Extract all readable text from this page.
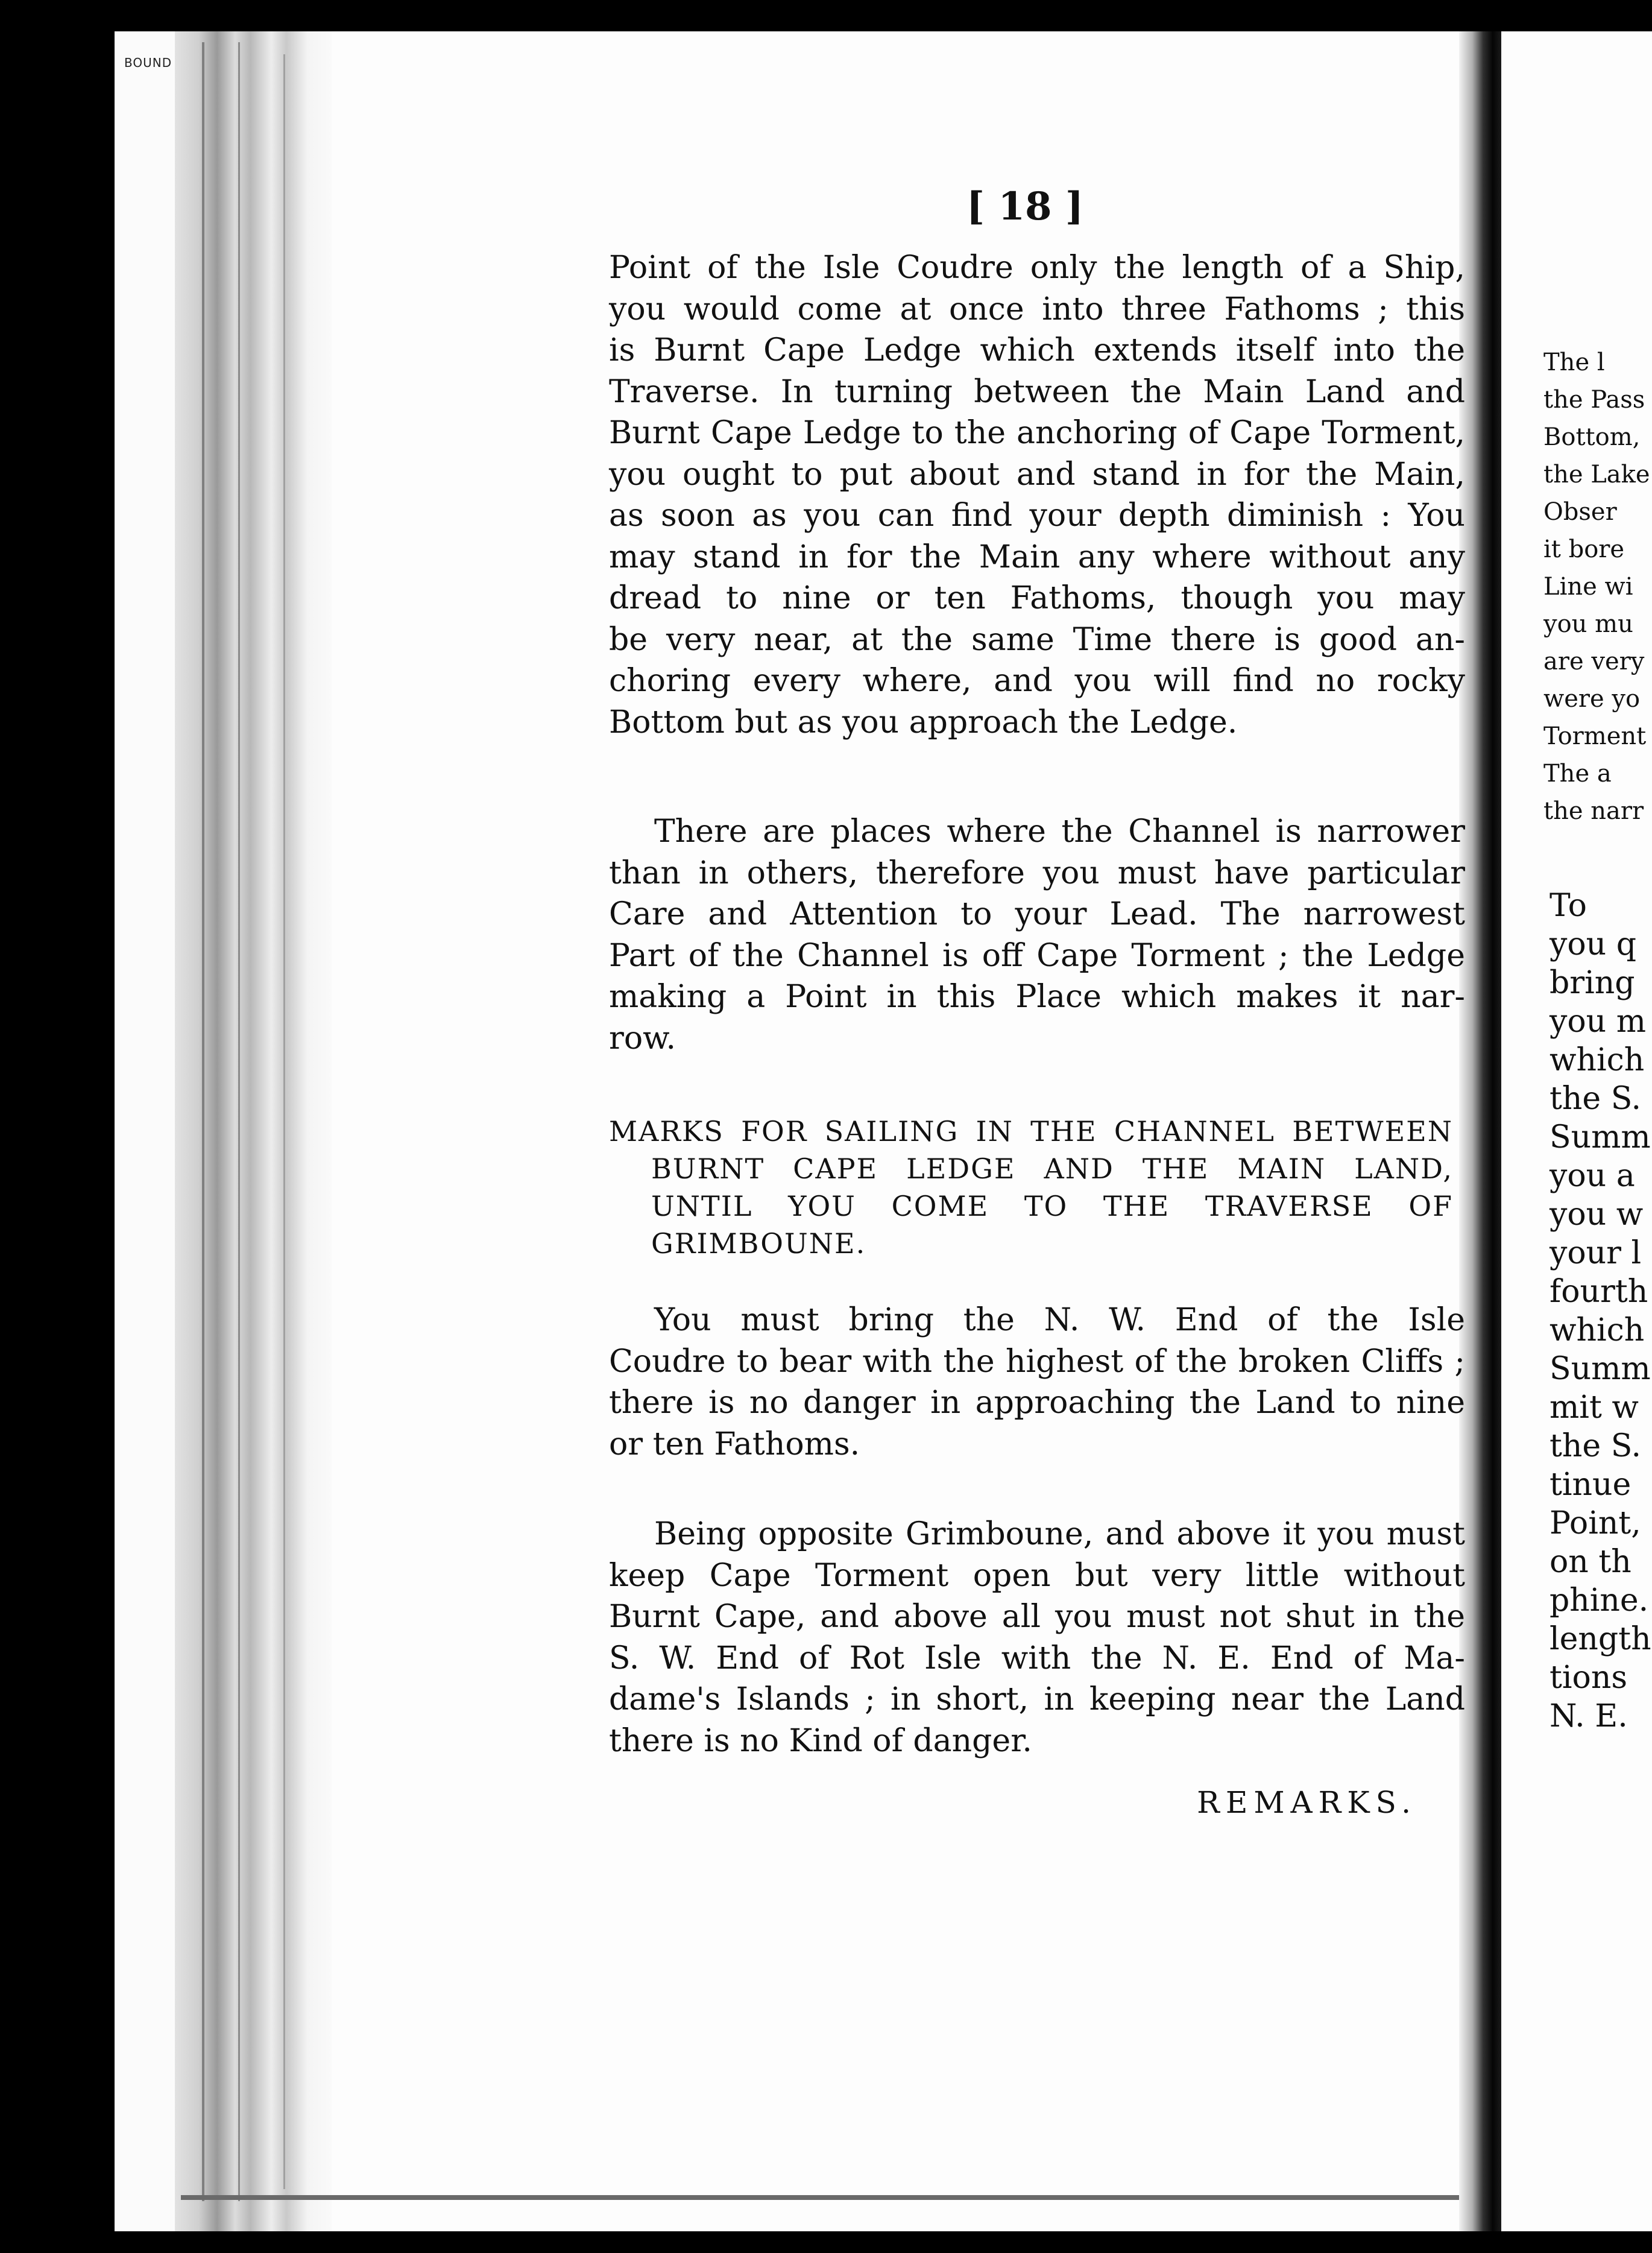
BOUND
[ 18 ]
Point of the Isle Coudre only the length of a Ship,
you would come at once into three Fathoms ; this
is Burnt Cape Ledge which extends itself into the
Traverse. In turning between the Main Land and
Burnt Cape Ledge to the anchoring of Cape Torment,
you ought to put about and stand in for the Main,
as soon as you can find your depth diminish : You
may stand in for the Main any where without any
dread to nine or ten Fathoms, though you may
be very near, at the same Time there is good an-
choring every where, and you will find no rocky
Bottom but as you approach the Ledge.
There are places where the Channel is narrower
than in others, therefore you must have particular
Care and Attention to your Lead. The narrowest
Part of the Channel is off Cape Torment ; the Ledge
making a Point in this Place which makes it nar-
row.
MARKS FOR SAILING IN THE CHANNEL BETWEEN
BURNT CAPE LEDGE AND THE MAIN LAND,
UNTIL YOU COME TO THE TRAVERSE OF
GRIMBOUNE.
You must bring the N. W. End of the Isle
Coudre to bear with the highest of the broken Cliffs ;
there is no danger in approaching the Land to nine
or ten Fathoms.
Being opposite Grimboune, and above it you must
keep Cape Torment open but very little without
Burnt Cape, and above all you must not shut in the
S. W. End of Rot Isle with the N. E. End of Ma-
dame's Islands ; in short, in keeping near the Land
there is no Kind of danger.
REMARKS.
The l
the Pass
Bottom,
the Lake
Obser
it bore
Line wi
you mu
are very
were yo
Torment
The a
the narr
To
you q
bring
you m
which
the S.
Summ
you a
you w
your l
fourth
which
Summ
mit w
the S.
tinue
Point,
on th
phine.
length
tions
N. E.
